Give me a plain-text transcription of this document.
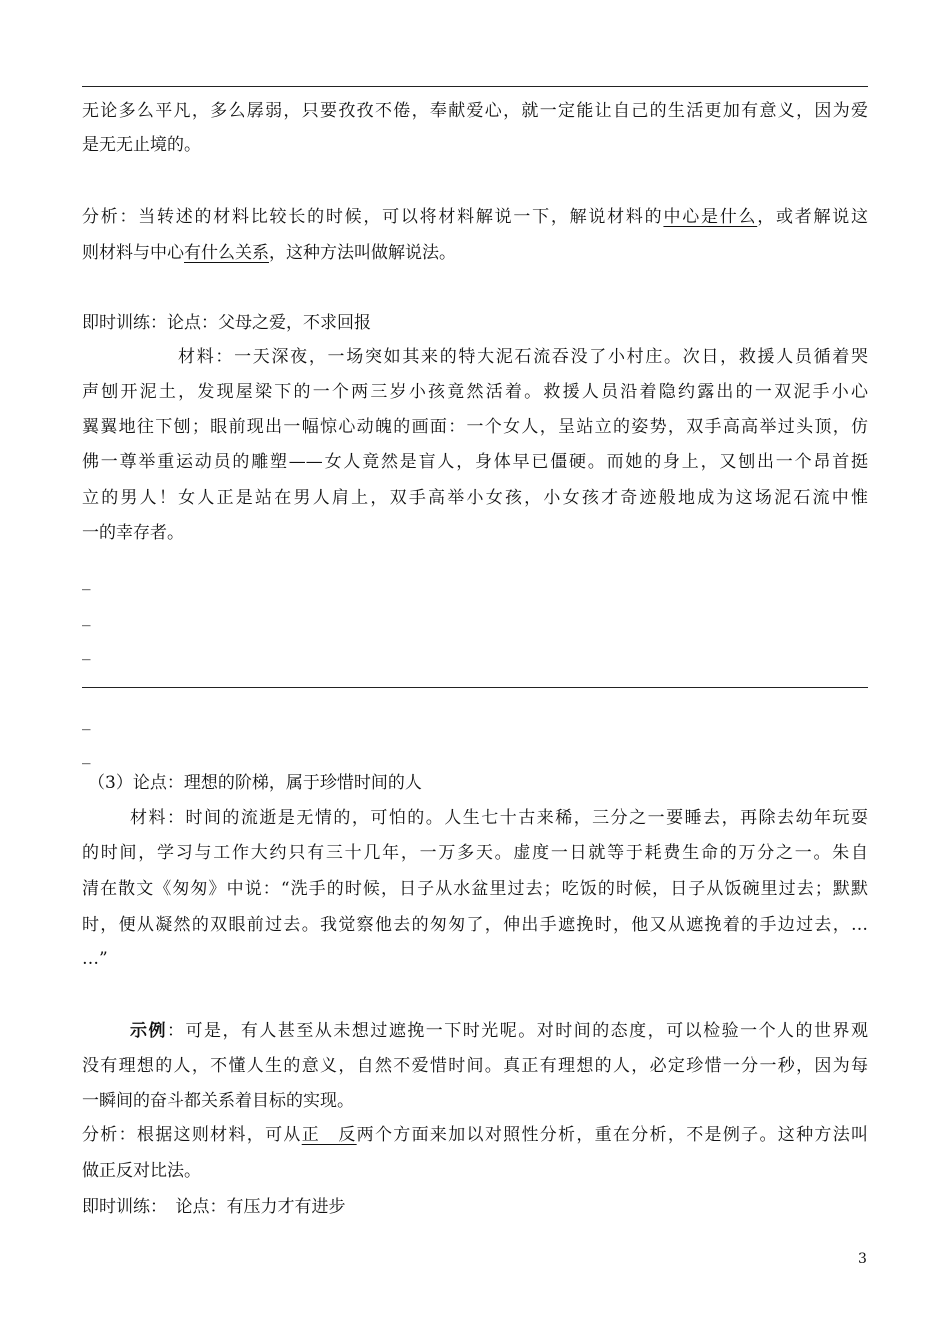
无论多么平凡，多么孱弱，只要孜孜不倦，奉献爱心，就一定能让自己的生活更加有意义，因为爱
是无无止境的。
分析：当转述的材料比较长的时候，可以将材料解说一下，解说材料的中心是什么，或者解说这
则材料与中心有什么关系，这种方法叫做解说法。
即时训练：论点：父母之爱，不求回报
材料：一天深夜，一场突如其来的特大泥石流吞没了小村庄。次日，救援人员循着哭
声刨开泥土，发现屋梁下的一个两三岁小孩竟然活着。救援人员沿着隐约露出的一双泥手小心
翼翼地往下刨；眼前现出一幅惊心动魄的画面：一个女人，呈站立的姿势，双手高高举过头顶，仿
佛一尊举重运动员的雕塑——女人竟然是盲人，身体早已僵硬。而她的身上，又刨出一个昂首挺
立的男人！女人正是站在男人肩上，双手高举小女孩，小女孩才奇迹般地成为这场泥石流中惟
一的幸存者。
_
_
_
_
_
（3）论点：理想的阶梯，属于珍惜时间的人
材料：时间的流逝是无情的，可怕的。人生七十古来稀，三分之一要睡去，再除去幼年玩耍
的时间，学习与工作大约只有三十几年，一万多天。虚度一日就等于耗费生命的万分之一。朱自
清在散文《匆匆》中说：“洗手的时候，日子从水盆里过去；吃饭的时候，日子从饭碗里过去；默默
时，便从凝然的双眼前过去。我觉察他去的匆匆了，伸出手遮挽时，他又从遮挽着的手边过去，…
…”
示例：可是，有人甚至从未想过遮挽一下时光呢。对时间的态度，可以检验一个人的世界观
没有理想的人，不懂人生的意义，自然不爱惜时间。真正有理想的人，必定珍惜一分一秒，因为每
一瞬间的奋斗都关系着目标的实现。
分析：根据这则材料，可从正　反两个方面来加以对照性分析，重在分析，不是例子。这种方法叫
做正反对比法。
即时训练：　论点：有压力才有进步
3
